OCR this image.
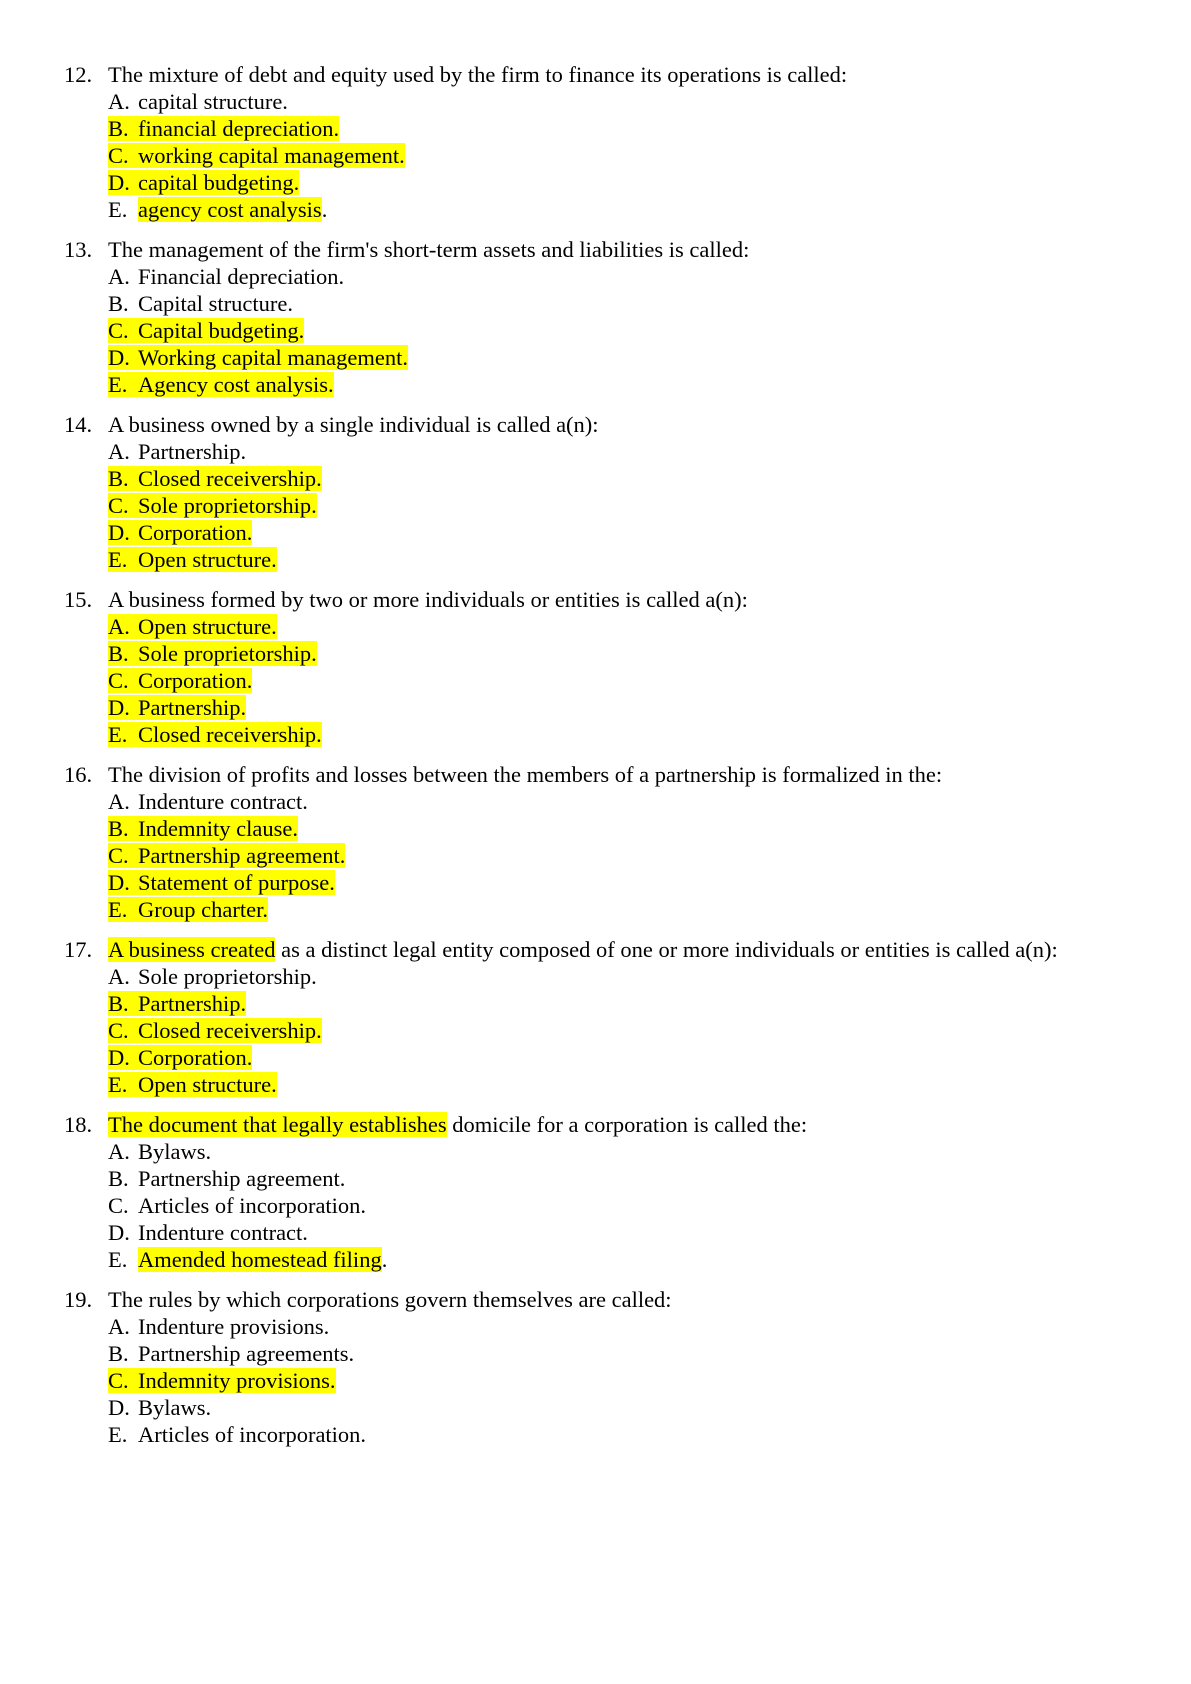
12. The mixture of debt and equity used by the firm to finance its operations is called:
A. capital structure.
B. financial depreciation.
C. working capital management.
D. capital budgeting.
E. agency cost analysis.
13. The management of the firm's short-term assets and liabilities is called:
A. Financial depreciation.
B. Capital structure.
C. Capital budgeting.
D. Working capital management.
E. Agency cost analysis.
14. A business owned by a single individual is called a(n):
A. Partnership.
B. Closed receivership.
C. Sole proprietorship.
D. Corporation.
E. Open structure.
15. A business formed by two or more individuals or entities is called a(n):
A. Open structure.
B. Sole proprietorship.
C. Corporation.
D. Partnership.
E. Closed receivership.
16. The division of profits and losses between the members of a partnership is formalized in the:
A. Indenture contract.
B. Indemnity clause.
C. Partnership agreement.
D. Statement of purpose.
E. Group charter.
17. A business created as a distinct legal entity composed of one or more individuals or entities is called a(n):
A. Sole proprietorship.
B. Partnership.
C. Closed receivership.
D. Corporation.
E. Open structure.
18. The document that legally establishes domicile for a corporation is called the:
A. Bylaws.
B. Partnership agreement.
C. Articles of incorporation.
D. Indenture contract.
E. Amended homestead filing.
19. The rules by which corporations govern themselves are called:
A. Indenture provisions.
B. Partnership agreements.
C. Indemnity provisions.
D. Bylaws.
E. Articles of incorporation.
